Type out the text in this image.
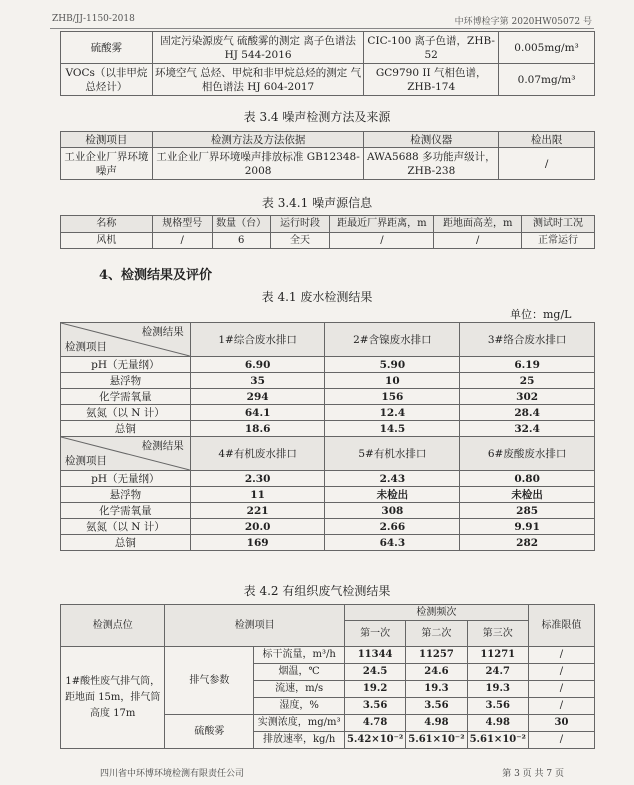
ZHB/JJ-1150-2018	中环博检字第 2020HW05072 号
硫酸雾	固定污染源废气 硫酸雾的测定 离子色谱法 HJ 544-2016	CIC-100 离子色谱，ZHB-52	0.005mg/m³
VOCs（以非甲烷总烃计）	环境空气 总烃、甲烷和非甲烷总烃的测定 气相色谱法 HJ 604-2017	GC9790 II 气相色谱，ZHB-174	0.07mg/m³
表 3.4 噪声检测方法及来源
检测项目	检测方法及方法依据	检测仪器	检出限
工业企业厂界环境噪声	工业企业厂界环境噪声排放标准 GB12348-2008	AWA5688 多功能声级计，ZHB-238	/
表 3.4.1 噪声源信息
名称	规格型号	数量（台）	运行时段	距最近厂界距离，m	距地面高差，m	测试时工况
风机	/	6	全天	/	/	正常运行
4、检测结果及评价
表 4.1 废水检测结果
单位：mg/L
检测结果
检测项目	1#综合废水排口	2#含镍废水排口	3#络合废水排口
pH（无量纲）	6.90	5.90	6.19
悬浮物	35	10	25
化学需氧量	294	156	302
氨氮（以 N 计）	64.1	12.4	28.4
总铜	18.6	14.5	32.4

检测结果
检测项目	4#有机废水排口	5#有机水排口	6#废酸废水排口
pH（无量纲）	2.30	2.43	0.80
悬浮物	11	未检出	未检出
化学需氧量	221	308	285
氨氮（以 N 计）	20.0	2.66	9.91
总铜	169	64.3	282
表 4.2 有组织废气检测结果
检测点位	检测项目		检测频次			标准限值
			第一次	第二次	第三次	
1#酸性废气排气筒，距地面 15m，排气筒高度 17m	排气参数	标干流量，m³/h	11344	11257	11271	/
		烟温，℃	24.5	24.6	24.7	/
		流速，m/s	19.2	19.3	19.3	/
		湿度，%	3.56	3.56	3.56	/
	硫酸雾	实测浓度，mg/m³	4.78	4.98	4.98	30
		排放速率，kg/h	5.42×10⁻²	5.61×10⁻²	5.61×10⁻²	/
四川省中环博环境检测有限责任公司	第 3 页 共 7 页
